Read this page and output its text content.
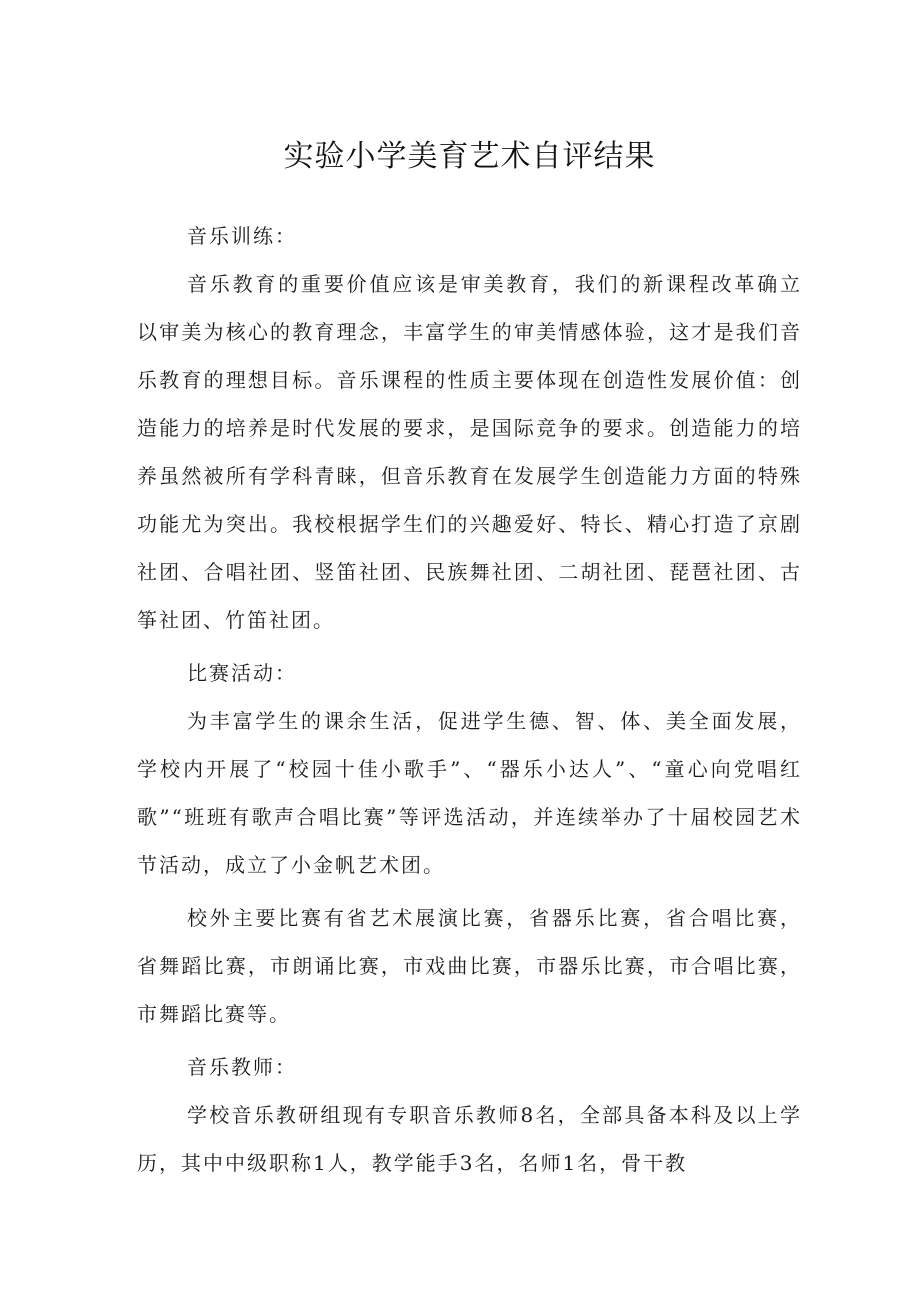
实验小学美育艺术自评结果

音乐训练：

音乐教育的重要价值应该是审美教育，我们的新课程改革确立以审美为核心的教育理念，丰富学生的审美情感体验，这才是我们音乐教育的理想目标。音乐课程的性质主要体现在创造性发展价值：创造能力的培养是时代发展的要求，是国际竞争的要求。创造能力的培养虽然被所有学科青睐，但音乐教育在发展学生创造能力方面的特殊功能尤为突出。我校根据学生们的兴趣爱好、特长、精心打造了京剧社团、合唱社团、竖笛社团、民族舞社团、二胡社团、琵琶社团、古筝社团、竹笛社团。

比赛活动：

为丰富学生的课余生活，促进学生德、智、体、美全面发展，学校内开展了“校园十佳小歌手”、“器乐小达人”、“童心向党唱红歌”“班班有歌声合唱比赛”等评选活动，并连续举办了十届校园艺术节活动，成立了小金帆艺术团。

校外主要比赛有省艺术展演比赛，省器乐比赛，省合唱比赛，省舞蹈比赛，市朗诵比赛，市戏曲比赛，市器乐比赛，市合唱比赛，市舞蹈比赛等。

音乐教师：

学校音乐教研组现有专职音乐教师8名，全部具备本科及以上学历，其中中级职称1人，教学能手3名，名师1名，骨干教
